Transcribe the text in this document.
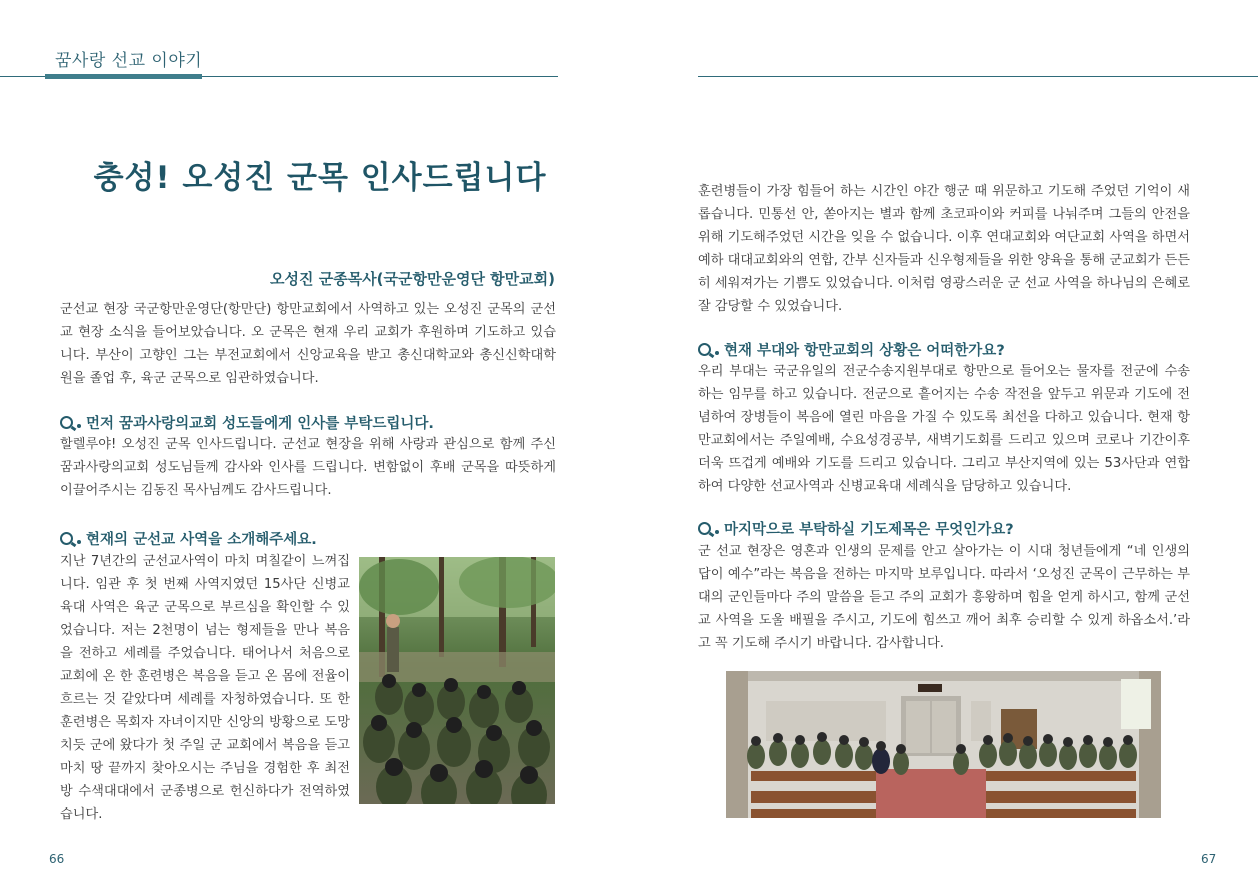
꿈사랑 선교 이야기
충성! 오성진 군목 인사드립니다
오성진 군종목사(국군항만운영단 항만교회)

군선교 현장 국군항만운영단(항만단) 항만교회에서 사역하고 있는 오성진 군목의 군선교 현장 소식을 들어보았습니다. 오 군목은 현재 우리 교회가 후원하며 기도하고 있습니다. 부산이 고향인 그는 부전교회에서 신앙교육을 받고 총신대학교와 총신신학대학원을 졸업 후, 육군 군목으로 임관하였습니다.

먼저 꿈과사랑의교회 성도들에게 인사를 부탁드립니다.

할렐루야! 오성진 군목 인사드립니다. 군선교 현장을 위해 사랑과 관심으로 함께 주신 꿈과사랑의교회 성도님들께 감사와 인사를 드립니다. 변함없이 후배 군목을 따뜻하게 이끌어주시는 김동진 목사님께도 감사드립니다.

현재의 군선교 사역을 소개해주세요.

지난 7년간의 군선교사역이 마치 며칠같이 느껴집니다. 임관 후 첫 번째 사역지였던 15사단 신병교육대 사역은 육군 군목으로 부르심을 확인할 수 있었습니다. 저는 2천명이 넘는 형제들을 만나 복음을 전하고 세례를 주었습니다. 태어나서 처음으로 교회에 온 한 훈련병은 복음을 듣고 온 몸에 전율이 흐르는 것 같았다며 세례를 자청하였습니다. 또 한 훈련병은 목회자 자녀이지만 신앙의 방황으로 도망치듯 군에 왔다가 첫 주일 군 교회에서 복음을 듣고 마치 땅 끝까지 찾아오시는 주님을 경험한 후 최전방 수색대대에서 군종병으로 헌신하다가 전역하였습니다.

훈련병들이 가장 힘들어 하는 시간인 야간 행군 때 위문하고 기도해 주었던 기억이 새롭습니다. 민통선 안, 쏟아지는 별과 함께 초코파이와 커피를 나눠주며 그들의 안전을 위해 기도해주었던 시간을 잊을 수 없습니다. 이후 연대교회와 여단교회 사역을 하면서 예하 대대교회와의 연합, 간부 신자들과 신우형제들을 위한 양육을 통해 군교회가 든든히 세워져가는 기쁨도 있었습니다. 이처럼 영광스러운 군 선교 사역을 하나님의 은혜로 잘 감당할 수 있었습니다.

현재 부대와 항만교회의 상황은 어떠한가요?

우리 부대는 국군유일의 전군수송지원부대로 항만으로 들어오는 물자를 전군에 수송하는 임무를 하고 있습니다. 전군으로 흩어지는 수송 작전을 앞두고 위문과 기도에 전념하여 장병들이 복음에 열린 마음을 가질 수 있도록 최선을 다하고 있습니다. 현재 항만교회에서는 주일예배, 수요성경공부, 새벽기도회를 드리고 있으며 코로나 기간이후 더욱 뜨겁게 예배와 기도를 드리고 있습니다. 그리고 부산지역에 있는 53사단과 연합하여 다양한 선교사역과 신병교육대 세례식을 담당하고 있습니다.

마지막으로 부탁하실 기도제목은 무엇인가요?

군 선교 현장은 영혼과 인생의 문제를 안고 살아가는 이 시대 청년들에게 “네 인생의 답이 예수”라는 복음을 전하는 마지막 보루입니다. 따라서 ‘오성진 군목이 근무하는 부대의 군인들마다 주의 말씀을 듣고 주의 교회가 흥왕하며 힘을 얻게 하시고, 함께 군선교 사역을 도울 배필을 주시고, 기도에 힘쓰고 깨어 최후 승리할 수 있게 하옵소서.’라고 꼭 기도해 주시기 바랍니다. 감사합니다.

66	67
